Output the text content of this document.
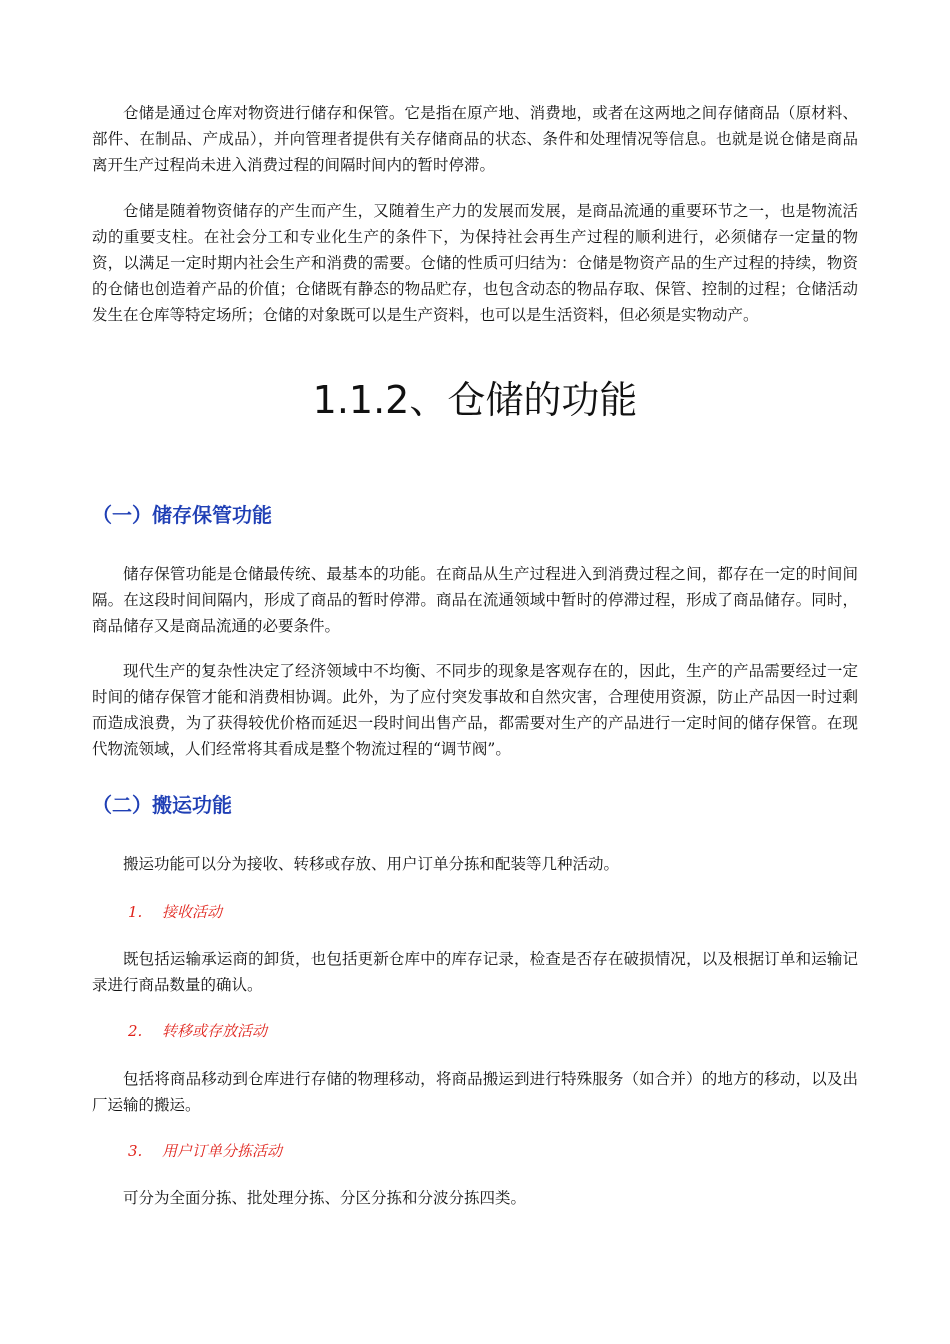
仓储是通过仓库对物资进行储存和保管。它是指在原产地、消费地，或者在这两地之间存储商品（原材料、部件、在制品、产成品），并向管理者提供有关存储商品的状态、条件和处理情况等信息。也就是说仓储是商品离开生产过程尚未进入消费过程的间隔时间内的暂时停滞。

仓储是随着物资储存的产生而产生，又随着生产力的发展而发展，是商品流通的重要环节之一，也是物流活动的重要支柱。在社会分工和专业化生产的条件下，为保持社会再生产过程的顺利进行，必须储存一定量的物资，以满足一定时期内社会生产和消费的需要。仓储的性质可归结为：仓储是物资产品的生产过程的持续，物资的仓储也创造着产品的价值；仓储既有静态的物品贮存，也包含动态的物品存取、保管、控制的过程；仓储活动发生在仓库等特定场所；仓储的对象既可以是生产资料，也可以是生活资料，但必须是实物动产。

1.1.2、仓储的功能
（一）储存保管功能

储存保管功能是仓储最传统、最基本的功能。在商品从生产过程进入到消费过程之间，都存在一定的时间间隔。在这段时间间隔内，形成了商品的暂时停滞。商品在流通领域中暂时的停滞过程，形成了商品储存。同时，商品储存又是商品流通的必要条件。

现代生产的复杂性决定了经济领域中不均衡、不同步的现象是客观存在的，因此，生产的产品需要经过一定时间的储存保管才能和消费相协调。此外，为了应付突发事故和自然灾害，合理使用资源，防止产品因一时过剩而造成浪费，为了获得较优价格而延迟一段时间出售产品，都需要对生产的产品进行一定时间的储存保管。在现代物流领域，人们经常将其看成是整个物流过程的“调节阀”。

（二）搬运功能

搬运功能可以分为接收、转移或存放、用户订单分拣和配装等几种活动。

1. 接收活动

既包括运输承运商的卸货，也包括更新仓库中的库存记录，检查是否存在破损情况，以及根据订单和运输记录进行商品数量的确认。

2. 转移或存放活动

包括将商品移动到仓库进行存储的物理移动，将商品搬运到进行特殊服务（如合并）的地方的移动，以及出厂运输的搬运。

3. 用户订单分拣活动

可分为全面分拣、批处理分拣、分区分拣和分波分拣四类。
